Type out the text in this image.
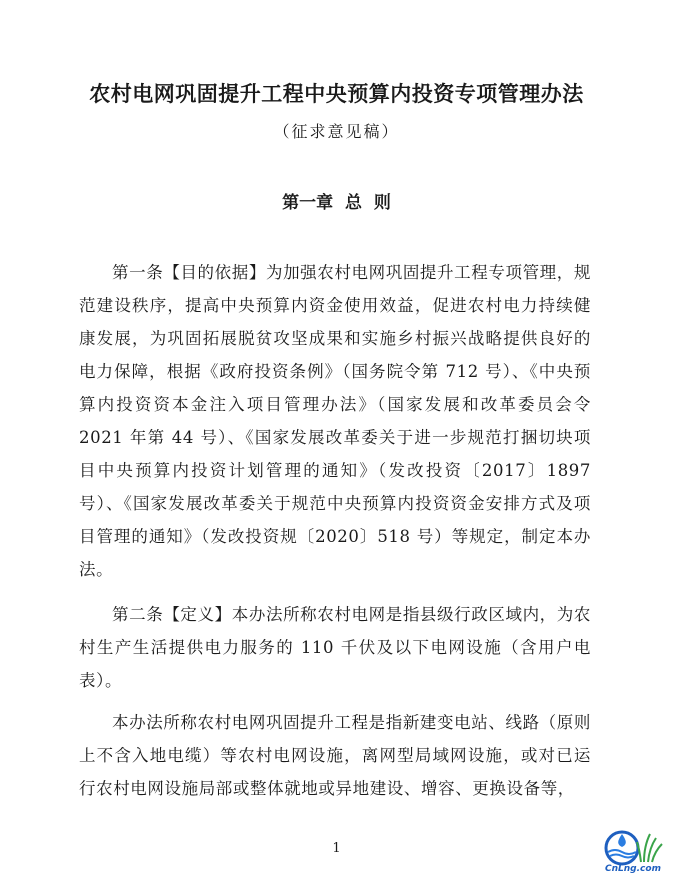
农村电网巩固提升工程中央预算内投资专项管理办法
（征求意见稿）
第一章  总  则

第一条【目的依据】为加强农村电网巩固提升工程专项管理，规范建设秩序，提高中央预算内资金使用效益，促进农村电力持续健康发展，为巩固拓展脱贫攻坚成果和实施乡村振兴战略提供良好的电力保障，根据《政府投资条例》（国务院令第 712 号）、《中央预算内投资资本金注入项目管理办法》（国家发展和改革委员会令 2021 年第 44 号）、《国家发展改革委关于进一步规范打捆切块项目中央预算内投资计划管理的通知》（发改投资〔2017〕1897 号）、《国家发展改革委关于规范中央预算内投资资金安排方式及项目管理的通知》（发改投资规〔2020〕518 号）等规定，制定本办法。

第二条【定义】本办法所称农村电网是指县级行政区域内，为农村生产生活提供电力服务的 110 千伏及以下电网设施（含用户电表）。

本办法所称农村电网巩固提升工程是指新建变电站、线路（原则上不含入地电缆）等农村电网设施，离网型局域网设施，或对已运行农村电网设施局部或整体就地或异地建设、增容、更换设备等，

1
CnLng.com
